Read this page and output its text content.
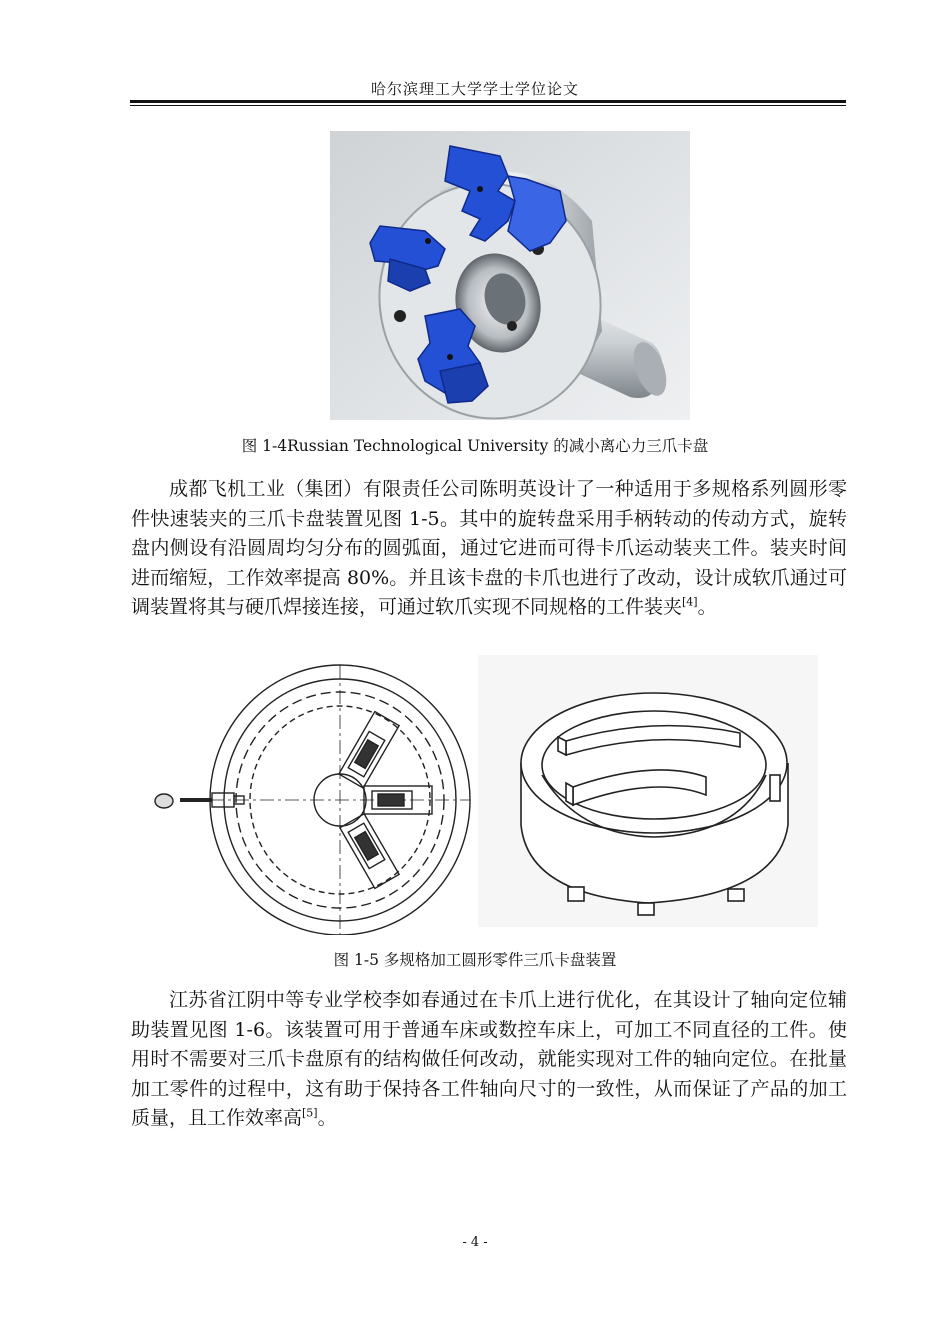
哈尔滨理工大学学士学位论文
图 1-4Russian Technological University 的减小离心力三爪卡盘

成都飞机工业（集团）有限责任公司陈明英设计了一种适用于多规格系列圆形零件快速装夹的三爪卡盘装置见图 1-5。其中的旋转盘采用手柄转动的传动方式，旋转盘内侧设有沿圆周均匀分布的圆弧面，通过它进而可得卡爪运动装夹工件。装夹时间进而缩短，工作效率提高 80%。并且该卡盘的卡爪也进行了改动，设计成软爪通过可调装置将其与硬爪焊接连接，可通过软爪实现不同规格的工件装夹[4]。

图 1-5 多规格加工圆形零件三爪卡盘装置

江苏省江阴中等专业学校李如春通过在卡爪上进行优化，在其设计了轴向定位辅助装置见图 1-6。该装置可用于普通车床或数控车床上，可加工不同直径的工件。使用时不需要对三爪卡盘原有的结构做任何改动，就能实现对工件的轴向定位。在批量加工零件的过程中，这有助于保持各工件轴向尺寸的一致性，从而保证了产品的加工质量，且工作效率高[5]。

- 4 -
